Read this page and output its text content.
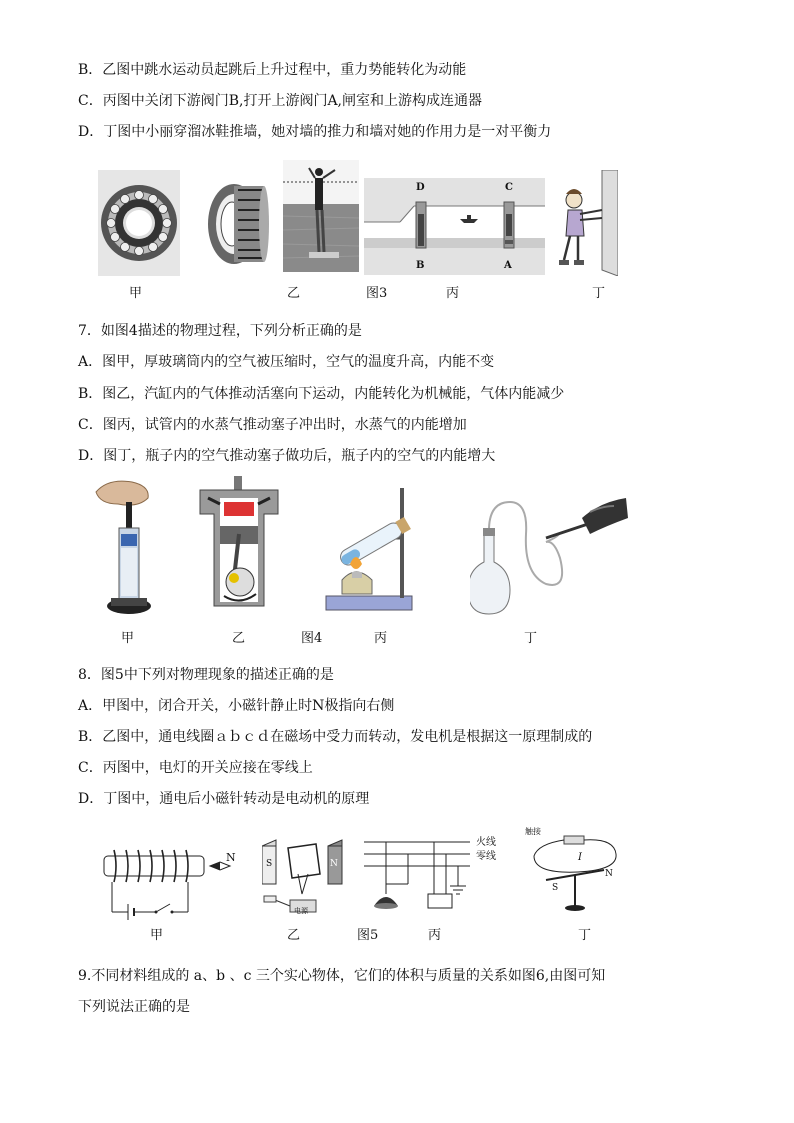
B．乙图中跳水运动员起跳后上升过程中，重力势能转化为动能
C．丙图中关闭下游阀门B,打开上游阀门A,闸室和上游构成连通器
D．丁图中小丽穿溜冰鞋推墙，她对墙的推力和墙对她的作用力是一对平衡力
D	C
B	A
甲	乙	图3	丙	丁
7．如图4描述的物理过程，下列分析正确的是
A．图甲，厚玻璃筒内的空气被压缩时，空气的温度升高，内能不变
B．图乙，汽缸内的气体推动活塞向下运动，内能转化为机械能，气体内能减少
C．图丙，试管内的水蒸气推动塞子冲出时，水蒸气的内能增加
D．图丁，瓶子内的空气推动塞子做功后，瓶子内的空气的内能增大
甲	乙	图4	丙	丁
8．图5中下列对物理现象的描述正确的是
A．甲图中，闭合开关，小磁针静止时N极指向右侧
B．乙图中，通电线圈ａｂｃｄ在磁场中受力而转动，发电机是根据这一原理制成的
C．丙图中，电灯的开关应接在零线上
D．丁图中，通电后小磁针转动是电动机的原理
N	S	N
电源
火线
零线
触接
I
S
N
甲	乙	图5	丙	丁
9.不同材料组成的 a、b 、c 三个实心物体，它们的体积与质量的关系如图6,由图可知
下列说法正确的是
